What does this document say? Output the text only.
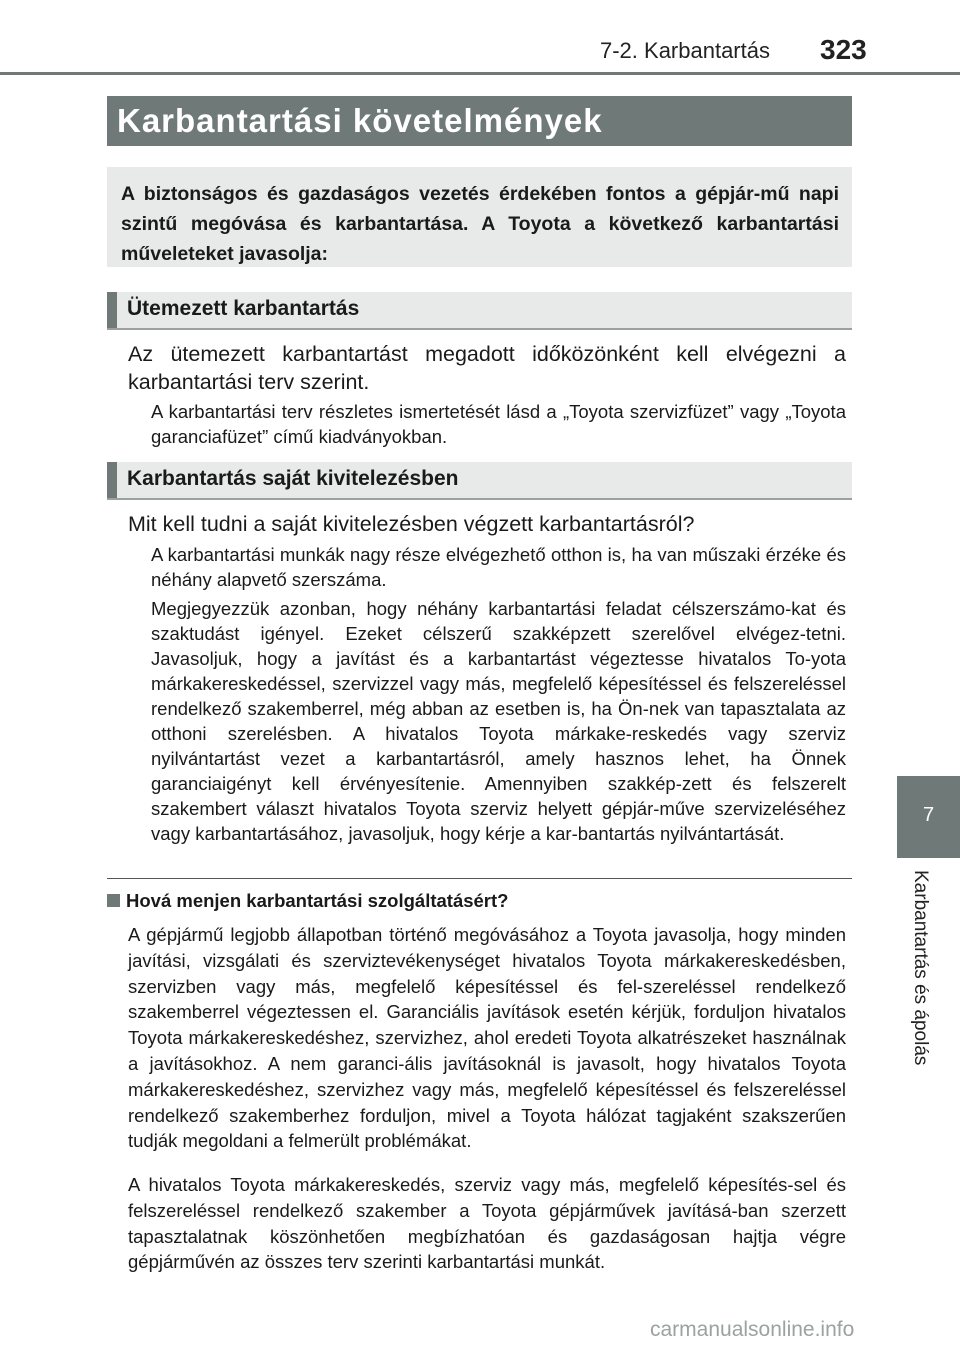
7-2. Karbantartás 323
Karbantartási követelmények

A biztonságos és gazdaságos vezetés érdekében fontos a gépjár-mű napi szintű megóvása és karbantartása. A Toyota a következő karbantartási műveleteket javasolja:

Ütemezett karbantartás

Az ütemezett karbantartást megadott időközönként kell elvégezni a karbantartási terv szerint.

A karbantartási terv részletes ismertetését lásd a „Toyota szervizfüzet” vagy „Toyota garanciafüzet” című kiadványokban.

Karbantartás saját kivitelezésben

Mit kell tudni a saját kivitelezésben végzett karbantartásról?

A karbantartási munkák nagy része elvégezhető otthon is, ha van műszaki érzéke és néhány alapvető szerszáma.

Megjegyezzük azonban, hogy néhány karbantartási feladat célszerszámo-kat és szaktudást igényel. Ezeket célszerű szakképzett szerelővel elvégez-tetni. Javasoljuk, hogy a javítást és a karbantartást végeztesse hivatalos To-yota márkakereskedéssel, szervizzel vagy más, megfelelő képesítéssel és felszereléssel rendelkező szakemberrel, még abban az esetben is, ha Ön-nek van tapasztalata az otthoni szerelésben. A hivatalos Toyota márkake-reskedés vagy szerviz nyilvántartást vezet a karbantartásról, amely hasznos lehet, ha Önnek garanciaigényt kell érvényesítenie. Amennyiben szakkép-zett és felszerelt szakembert választ hivatalos Toyota szerviz helyett gépjár-műve szervizeléséhez vagy karbantartásához, javasoljuk, hogy kérje a kar-bantartás nyilvántartását.

Hová menjen karbantartási szolgáltatásért?

A gépjármű legjobb állapotban történő megóvásához a Toyota javasolja, hogy minden javítási, vizsgálati és szerviztevékenységet hivatalos Toyota márkakereskedésben, szervizben vagy más, megfelelő képesítéssel és fel-szereléssel rendelkező szakemberrel végeztessen el. Garanciális javítások esetén kérjük, forduljon hivatalos Toyota márkakereskedéshez, szervizhez, ahol eredeti Toyota alkatrészeket használnak a javításokhoz. A nem garanci-ális javításoknál is javasolt, hogy hivatalos Toyota márkakereskedéshez, szervizhez vagy más, megfelelő képesítéssel és felszereléssel rendelkező szakemberhez forduljon, mivel a Toyota hálózat tagjaként szakszerűen tudják megoldani a felmerült problémákat.

A hivatalos Toyota márkakereskedés, szerviz vagy más, megfelelő képesítés-sel és felszereléssel rendelkező szakember a Toyota gépjárművek javításá-ban szerzett tapasztalatnak köszönhetően megbízhatóan és gazdaságosan hajtja végre gépjárművén az összes terv szerinti karbantartási munkát.

7
Karbantartás és ápolás
carmanualsonline.info
